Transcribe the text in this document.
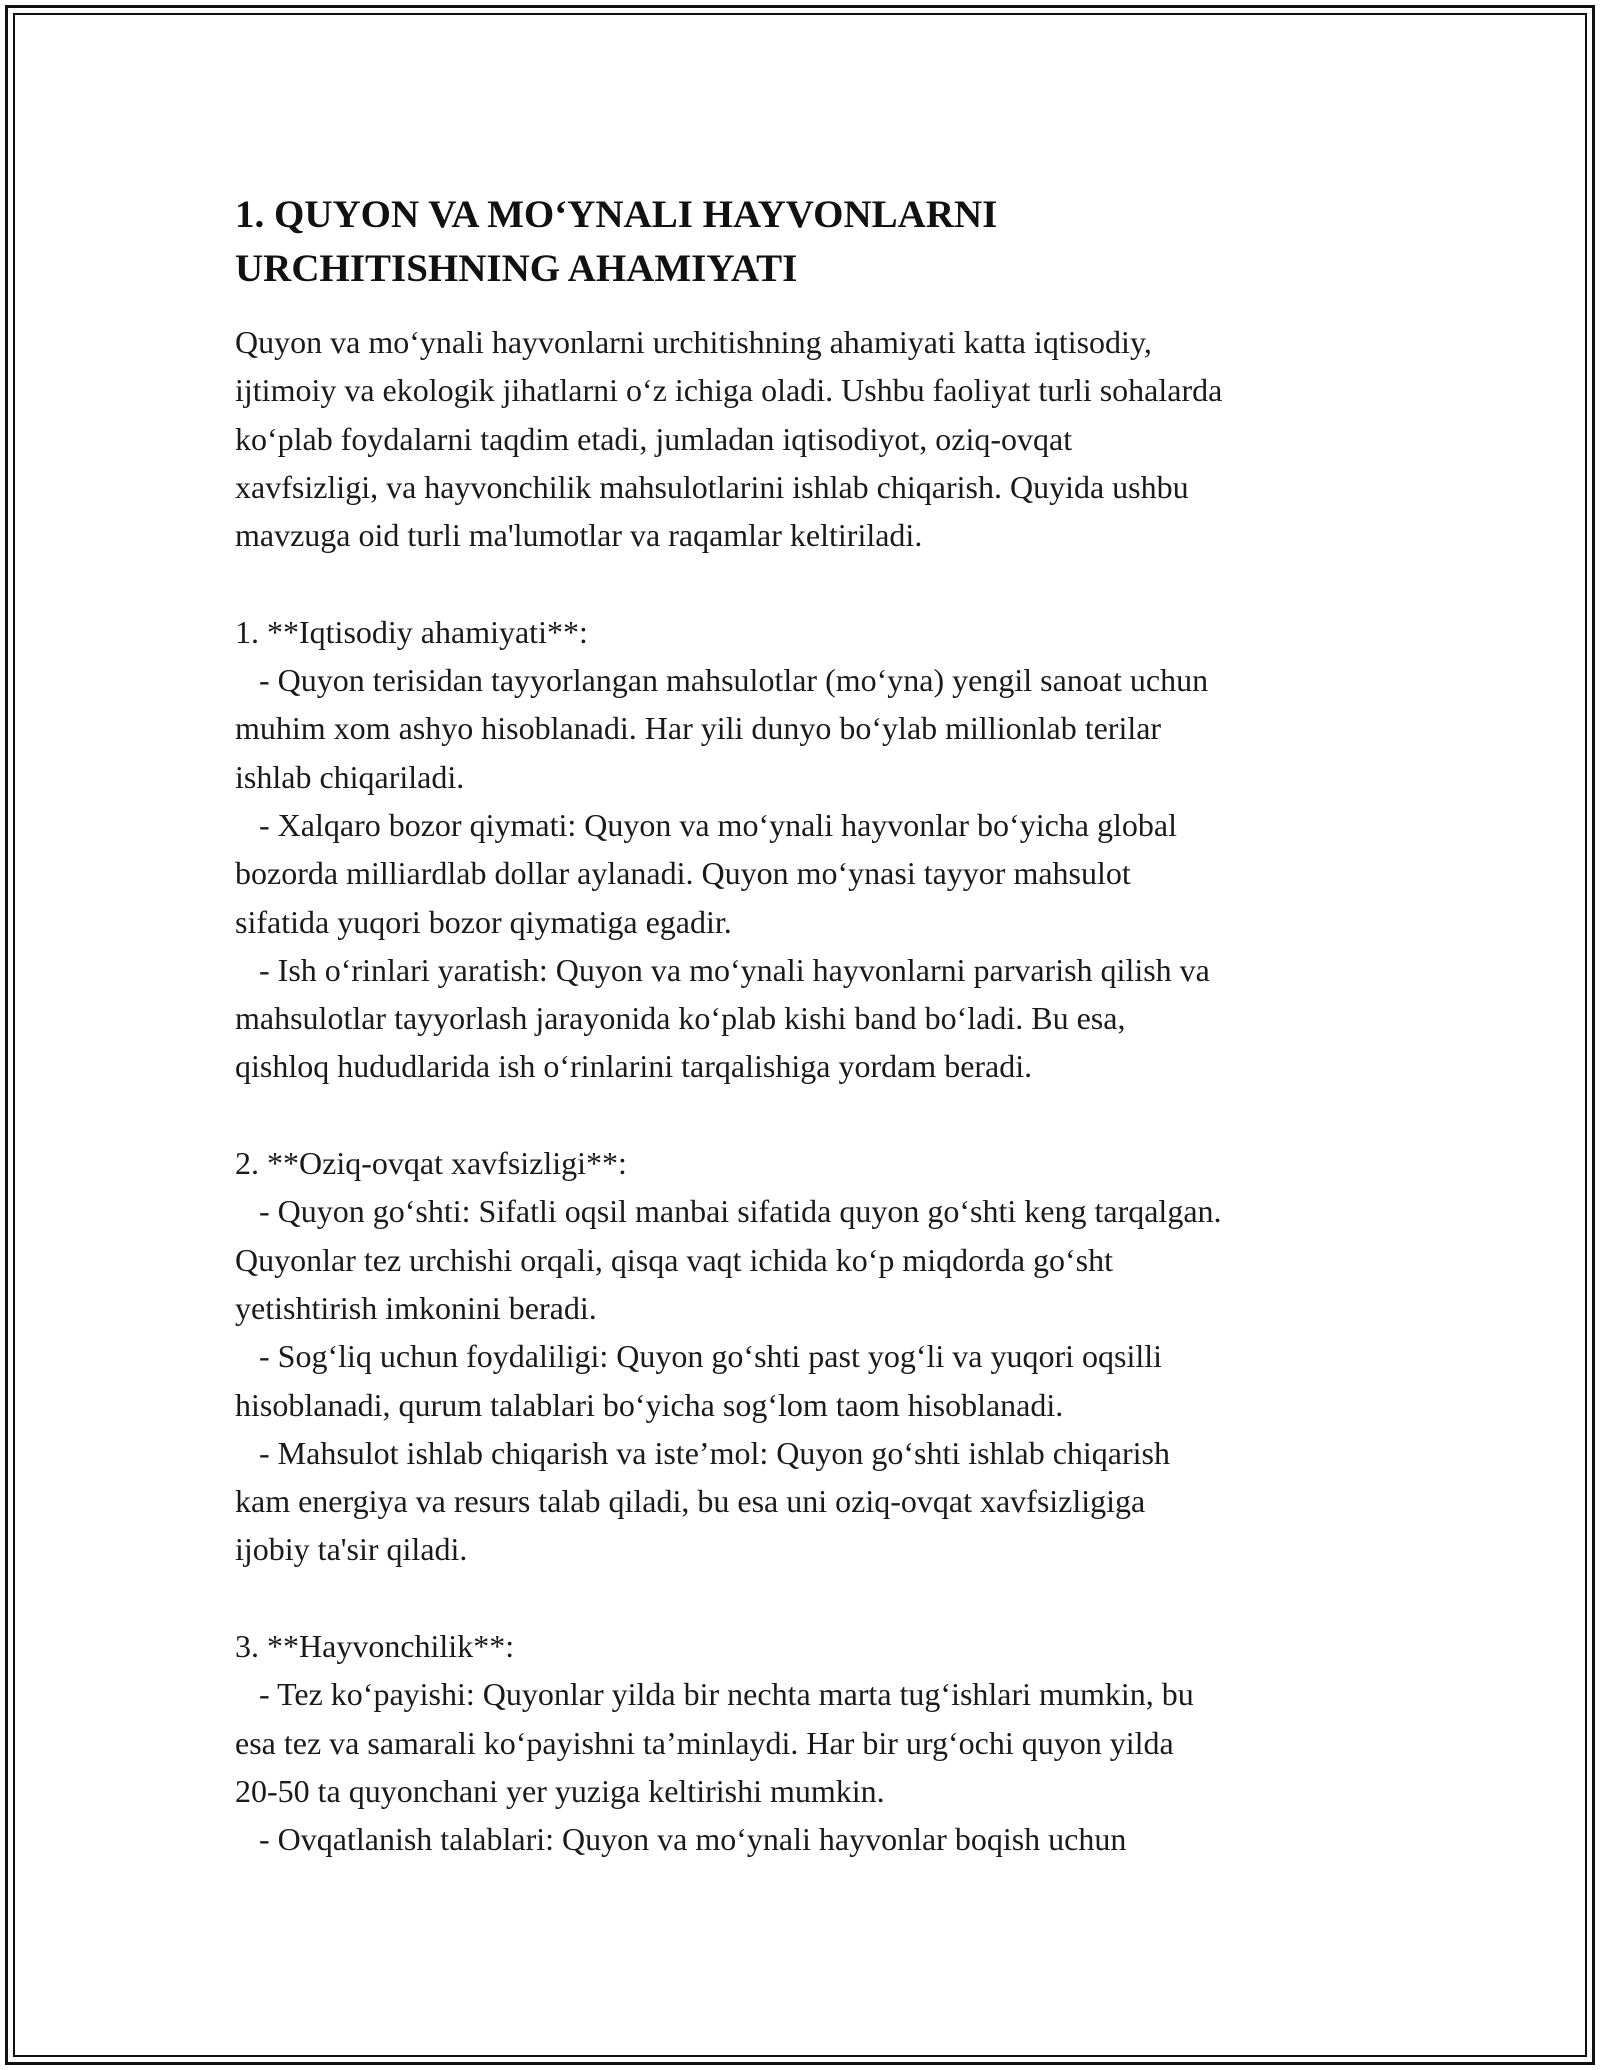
1. QUYON VA MO‘YNALI HAYVONLARNI
URCHITISHNING AHAMIYATI
Quyon va mo‘ynali hayvonlarni urchitishning ahamiyati katta iqtisodiy,
ijtimoiy va ekologik jihatlarni o‘z ichiga oladi. Ushbu faoliyat turli sohalarda
ko‘plab foydalarni taqdim etadi, jumladan iqtisodiyot, oziq-ovqat
xavfsizligi, va hayvonchilik mahsulotlarini ishlab chiqarish. Quyida ushbu
mavzuga oid turli ma'lumotlar va raqamlar keltiriladi.
1. **Iqtisodiy ahamiyati**:
- Quyon terisidan tayyorlangan mahsulotlar (mo‘yna) yengil sanoat uchun
muhim xom ashyo hisoblanadi. Har yili dunyo bo‘ylab millionlab terilar
ishlab chiqariladi.
- Xalqaro bozor qiymati: Quyon va mo‘ynali hayvonlar bo‘yicha global
bozorda milliardlab dollar aylanadi. Quyon mo‘ynasi tayyor mahsulot
sifatida yuqori bozor qiymatiga egadir.
- Ish o‘rinlari yaratish: Quyon va mo‘ynali hayvonlarni parvarish qilish va
mahsulotlar tayyorlash jarayonida ko‘plab kishi band bo‘ladi. Bu esa,
qishloq hududlarida ish o‘rinlarini tarqalishiga yordam beradi.
2. **Oziq-ovqat xavfsizligi**:
- Quyon go‘shti: Sifatli oqsil manbai sifatida quyon go‘shti keng tarqalgan.
Quyonlar tez urchishi orqali, qisqa vaqt ichida ko‘p miqdorda go‘sht
yetishtirish imkonini beradi.
- Sog‘liq uchun foydaliligi: Quyon go‘shti past yog‘li va yuqori oqsilli
hisoblanadi, qurum talablari bo‘yicha sog‘lom taom hisoblanadi.
- Mahsulot ishlab chiqarish va iste’mol: Quyon go‘shti ishlab chiqarish
kam energiya va resurs talab qiladi, bu esa uni oziq-ovqat xavfsizligiga
ijobiy ta'sir qiladi.
3. **Hayvonchilik**:
- Tez ko‘payishi: Quyonlar yilda bir nechta marta tug‘ishlari mumkin, bu
esa tez va samarali ko‘payishni ta’minlaydi. Har bir urg‘ochi quyon yilda
20-50 ta quyonchani yer yuziga keltirishi mumkin.
- Ovqatlanish talablari: Quyon va mo‘ynali hayvonlar boqish uchun
